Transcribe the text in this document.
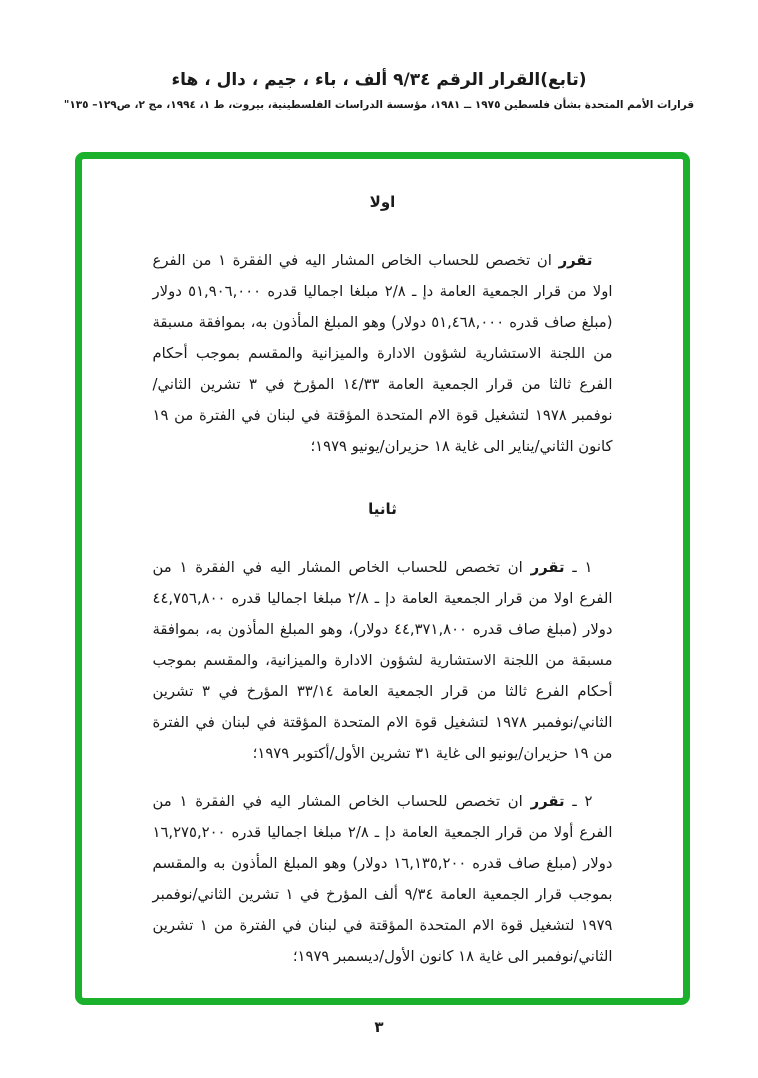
(تابع)القرار الرقم ٩/٣٤ ألف ، باء ، جيم ، دال ، هاء
قرارات الأمم المتحدة بشأن فلسطين ١٩٧٥ ــ ١٩٨١، مؤسسة الدراسات الفلسطينية، بيروت، ط ١، ١٩٩٤، مج ٢، ص١٢٩– ١٣٥"
اولا

تقرر ان تخصص للحساب الخاص المشار اليه في الفقرة ١ من الفرع اولا من قرار الجمعية العامة دإ ـ ٢/٨ مبلغا اجماليا قدره ٥١,٩٠٦,٠٠٠ دولار (مبلغ صاف قدره ٥١,٤٦٨,٠٠٠ دولار) وهو المبلغ المأذون به، بموافقة مسبقة من اللجنة الاستشارية لشؤون الادارة والميزانية والمقسم بموجب أحكام الفرع ثالثا من قرار الجمعية العامة ١٤/٣٣ المؤرخ في ٣ تشرين الثاني/نوفمبر ١٩٧٨ لتشغيل قوة الام المتحدة المؤقتة في لبنان في الفترة من ١٩ كانون الثاني/يناير الى غاية ١٨ حزيران/يونيو ١٩٧٩؛

ثانيا

١ ـ تقرر ان تخصص للحساب الخاص المشار اليه في الفقرة ١ من الفرع اولا من قرار الجمعية العامة دإ ـ ٢/٨ مبلغا اجماليا قدره ٤٤,٧٥٦,٨٠٠ دولار (مبلغ صاف قدره ٤٤,٣٧١,٨٠٠ دولار)، وهو المبلغ المأذون به، بموافقة مسبقة من اللجنة الاستشارية لشؤون الادارة والميزانية، والمقسم بموجب أحكام الفرع ثالثا من قرار الجمعية العامة ٣٣/١٤ المؤرخ في ٣ تشرين الثاني/نوفمبر ١٩٧٨ لتشغيل قوة الام المتحدة المؤقتة في لبنان في الفترة من ١٩ حزيران/يونيو الى غاية ٣١ تشرين الأول/أكتوبر ١٩٧٩؛

٢ ـ تقرر ان تخصص للحساب الخاص المشار اليه في الفقرة ١ من الفرع أولا من قرار الجمعية العامة دإ ـ ٢/٨ مبلغا اجماليا قدره ١٦,٢٧٥,٢٠٠ دولار (مبلغ صاف قدره ١٦,١٣٥,٢٠٠ دولار) وهو المبلغ المأذون به والمقسم بموجب قرار الجمعية العامة ٩/٣٤ ألف المؤرخ في ١ تشرين الثاني/نوفمبر ١٩٧٩ لتشغيل قوة الام المتحدة المؤقتة في لبنان في الفترة من ١ تشرين الثاني/نوفمبر الى غاية ١٨ كانون الأول/ديسمبر ١٩٧٩؛

٣
